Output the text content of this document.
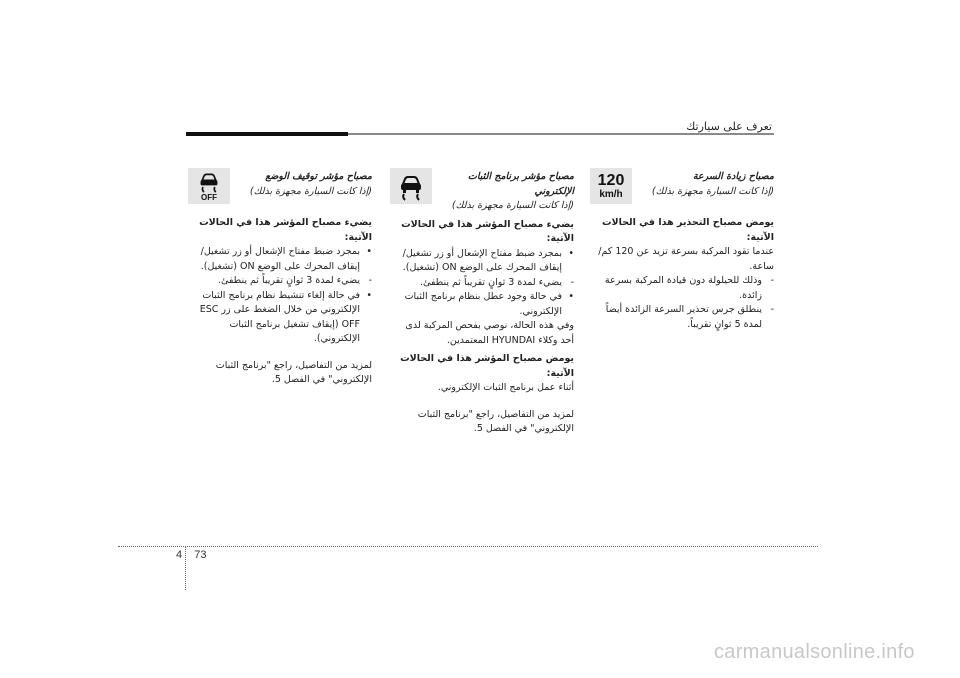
تعرف على سيارتك
120
km/h
مصباح زيادة السرعة
(إذا كانت السيارة مجهزة بذلك)
يومض مصباح التحذير هذا في الحالات الآتية:

عندما تقود المركبة بسرعة تزيد عن 120 كم/ساعة.

- وذلك للحيلولة دون قيادة المركبة بسرعة زائدة.

- ينطلق جرس تحذير السرعة الزائدة أيضاً لمدة 5 ثوانٍ تقريباً.

مصباح مؤشر برنامج الثبات الإلكتروني
(إذا كانت السيارة مجهزة بذلك)
يضيء مصباح المؤشر هذا في الحالات الآتية:

• بمجرد ضبط مفتاح الإشعال أو زر تشغيل/إيقاف المحرك على الوضع ON (تشغيل).

- يضيء لمدة 3 ثوانٍ تقريباً ثم ينطفئ.

• في حالة وجود عطل بنظام برنامج الثبات الإلكتروني.

وفي هذه الحالة، نوصي بفحص المركبة لدى أحد وكلاء HYUNDAI المعتمدين.

يومض مصباح المؤشر هذا في الحالات الآتية:

أثناء عمل برنامج الثبات الإلكتروني.

لمزيد من التفاصيل، راجع "برنامج الثبات الإلكتروني" في الفصل 5.

OFF
مصباح مؤشر توقيف الوضع
(إذا كانت السيارة مجهزة بذلك)
يضيء مصباح المؤشر هذا في الحالات الآتية:

• بمجرد ضبط مفتاح الإشعال أو زر تشغيل/إيقاف المحرك على الوضع ON (تشغيل).

- يضيء لمدة 3 ثوانٍ تقريباً ثم ينطفئ.

• في حالة إلغاء تنشيط نظام برنامج الثبات الإلكتروني من خلال الضغط على زر ESC OFF (إيقاف تشغيل برنامج الثبات الإلكتروني).

لمزيد من التفاصيل، راجع "برنامج الثبات الإلكتروني" في الفصل 5.

4 73
carmanualsonline.info
